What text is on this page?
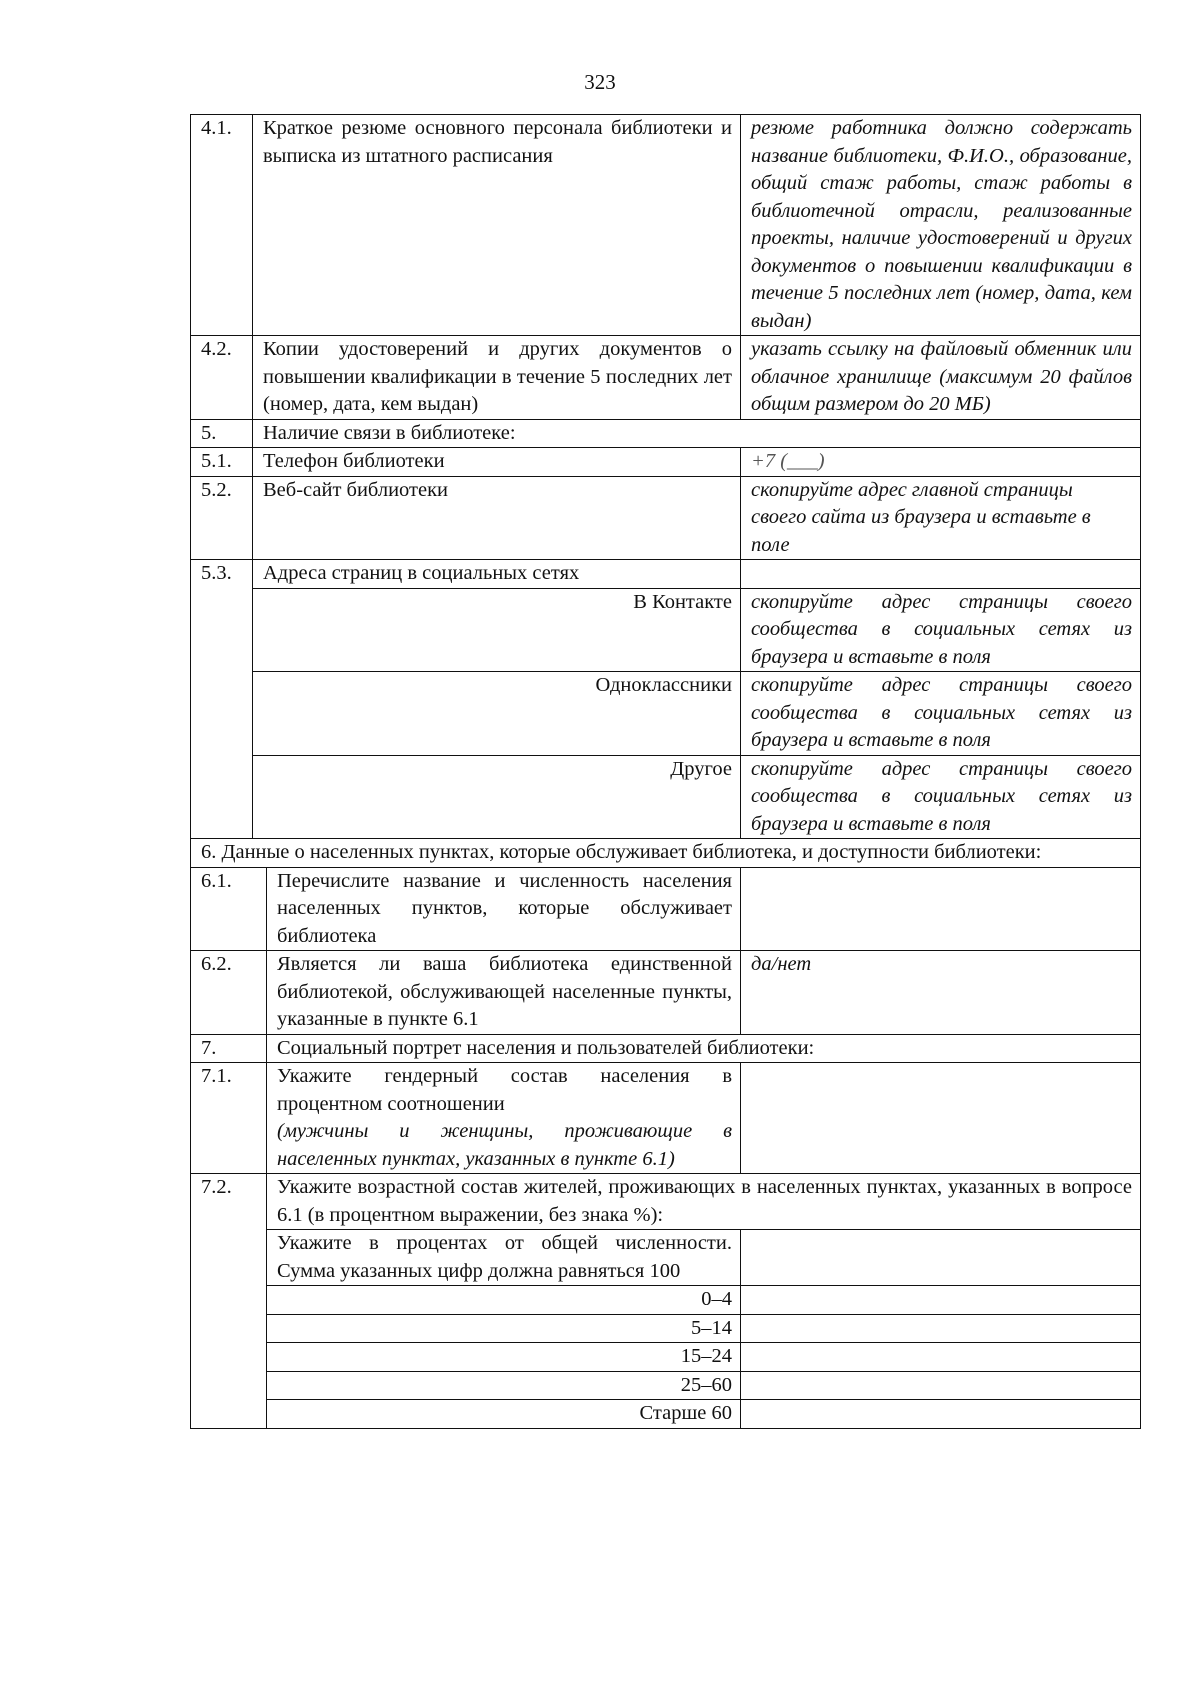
323
4.1.	Краткое резюме основного персонала библиотеки и выписка из штатного расписания		резюме работника должно содержать название библиотеки, Ф.И.О., образование, общий стаж работы, стаж работы в библиотечной отрасли, реализованные проекты, наличие удостоверений и других документов о повышении квалификации в течение 5 последних лет (номер, дата, кем выдан)
4.2.	Копии удостоверений и других документов о повышении квалификации в течение 5 последних лет (номер, дата, кем выдан)		указать ссылку на файловый обменник или облачное хранилище (максимум 20 файлов общим размером до 20 МБ)
5.	Наличие связи в библиотеке:		
5.1.	Телефон библиотеки		+7 (___)
5.2.	Веб-сайт библиотеки		скопируйте адрес главной страницы своего сайта из браузера и вставьте в поле
5.3.	Адреса страниц в социальных сетях		
	В Контакте		скопируйте адрес страницы своего сообщества в социальных сетях из браузера и вставьте в поля
	Одноклассники		скопируйте адрес страницы своего сообщества в социальных сетях из браузера и вставьте в поля
	Другое		скопируйте адрес страницы своего сообщества в социальных сетях из браузера и вставьте в поля
6. Данные о населенных пунктах, которые обслуживает библиотека, и доступности библиотеки:			
6.1.		Перечислите название и численность населения населенных пунктов, которые обслуживает библиотека	
6.2.		Является ли ваша библиотека единственной библиотекой, обслуживающей населенные пункты, указанные в пункте 6.1	да/нет
7.		Социальный портрет населения и пользователей библиотеки:	
7.1.		Укажите гендерный состав населения в процентном соотношении
(мужчины и женщины, проживающие в населенных пунктах, указанных в пункте 6.1)	

7.2.		Укажите возрастной состав жителей, проживающих в населенных пунктах, указанных в вопросе 6.1 (в процентном выражении, без знака %):	
		Укажите в процентах от общей численности. Сумма указанных цифр должна равняться 100	
		0–4	
		5–14	
		15–24	
		25–60	
		Старше 60	
